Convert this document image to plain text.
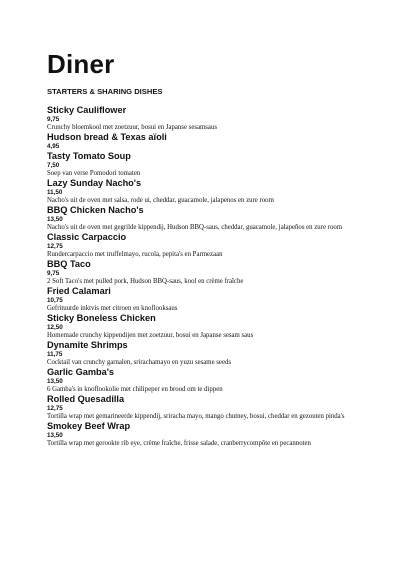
Diner
STARTERS & SHARING DISHES
Sticky Cauliflower
9,75
Crunchy bloemkool met zoetzuur, bosui en Japanse sesamsaus
Hudson bread & Texas aïoli
4,95
Tasty Tomato Soup
7,50
Soep van verse Pomodori tomaten
Lazy Sunday Nacho's
11,50
Nacho's uit de oven met salsa, rode ui, cheddar, guacamole, jalapenos en zure room
BBQ Chicken Nacho's
13,50
Nacho's uit de oven met gegrilde kippendij, Hudson BBQ-saus, cheddar, guacamole, jalapeños en zure room
Classic Carpaccio
12,75
Rundercarpaccio met truffelmayo, rucola, pepita's en Parmezaan
BBQ Taco
9,75
2 Soft Taco's met pulled pork, Hudson BBQ-saus, kool en crème fraîche
Fried Calamari
10,75
Gefrituurde inktvis met citroen en knoflooksaus
Sticky Boneless Chicken
12,50
Homemade crunchy kippendijen met zoetzuur, bosui en Japanse sesam saus
Dynamite Shrimps
11,75
Cocktail van crunchy garnalen, srirachamayo en yuzu sesame seeds
Garlic Gamba's
13,50
6 Gamba's in knoflookolie met chilipeper en brood om te dippen
Rolled Quesadilla
12,75
Tortilla wrap met gemarineerde kippendij, sriracha mayo, mango chutney, bosui, cheddar en gezouten pinda's
Smokey Beef Wrap
13,50
Tortilla wrap met gerookte rib eye, crème fraîche, frisse salade, cranberrycompôte en pecannoten
